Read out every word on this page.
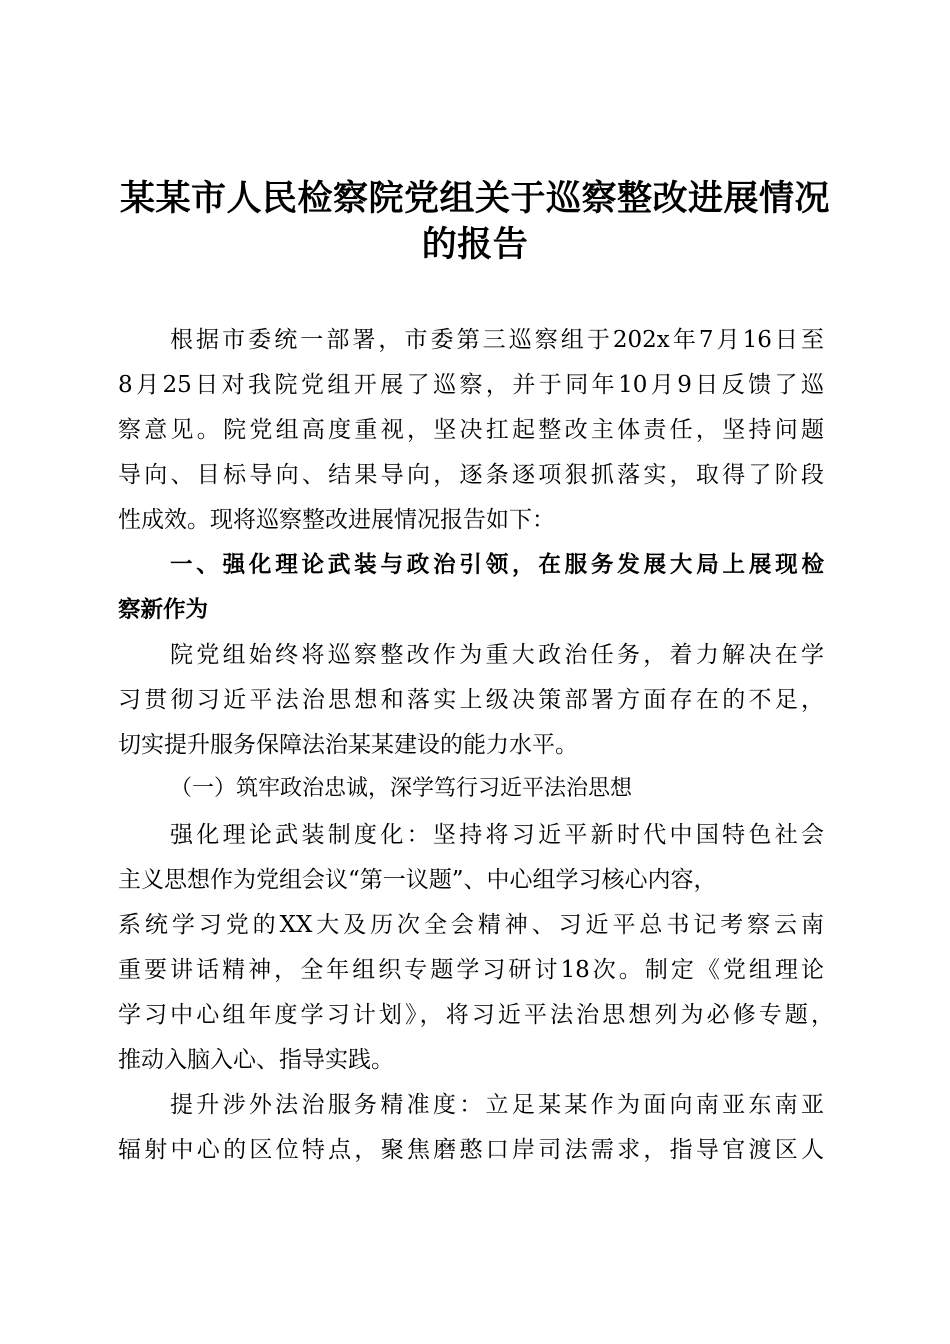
某某市人民检察院党组关于巡察整改进展情况
的报告

根据市委统一部署，市委第三巡察组于202x年7月16日至

8月25日对我院党组开展了巡察，并于同年10月9日反馈了巡

察意见。院党组高度重视，坚决扛起整改主体责任，坚持问题

导向、目标导向、结果导向，逐条逐项狠抓落实，取得了阶段

性成效。现将巡察整改进展情况报告如下：

一、强化理论武装与政治引领，在服务发展大局上展现检

察新作为

院党组始终将巡察整改作为重大政治任务，着力解决在学

习贯彻习近平法治思想和落实上级决策部署方面存在的不足，

切实提升服务保障法治某某建设的能力水平。

（一）筑牢政治忠诚，深学笃行习近平法治思想

强化理论武装制度化：坚持将习近平新时代中国特色社会

主义思想作为党组会议“第一议题”、中心组学习核心内容，

系统学习党的XX大及历次全会精神、习近平总书记考察云南

重要讲话精神，全年组织专题学习研讨18次。制定《党组理论

学习中心组年度学习计划》，将习近平法治思想列为必修专题，

推动入脑入心、指导实践。

提升涉外法治服务精准度：立足某某作为面向南亚东南亚

辐射中心的区位特点，聚焦磨憨口岸司法需求，指导官渡区人
